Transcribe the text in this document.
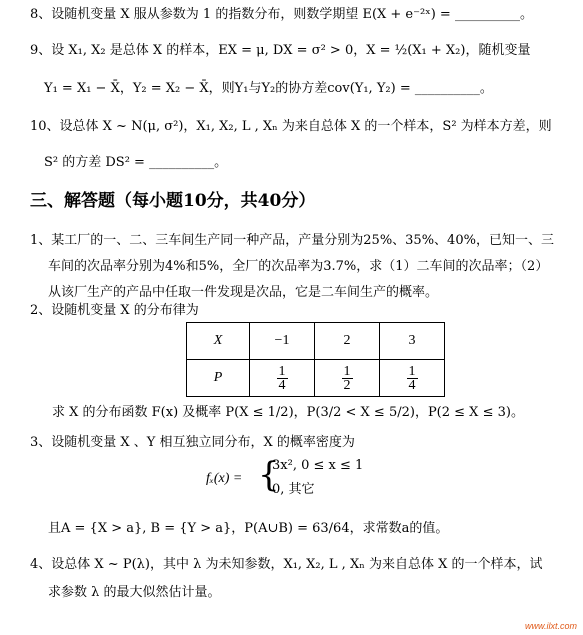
8、设随机变量 X 服从参数为 1 的指数分布，则数学期望 E(X + e⁻²ˣ) = __________。
9、设 X₁, X₂ 是总体 X 的样本，EX = μ, DX = σ² > 0，X = ½(X₁ + X₂)，随机变量
Y₁ = X₁ − X̄，Y₂ = X₂ − X̄，则Y₁与Y₂的协方差cov(Y₁, Y₂) = __________。
10、设总体 X ~ N(μ, σ²)，X₁, X₂, L , Xₙ 为来自总体 X 的一个样本，S² 为样本方差，则
S² 的方差 DS² = __________。
三、解答题（每小题10分，共40分）
1、某工厂的一、二、三车间生产同一种产品，产量分别为25%、35%、40%，已知一、三
车间的次品率分别为4%和5%，全厂的次品率为3.7%，求（1）二车间的次品率；（2）
从该厂生产的产品中任取一件发现是次品，它是二车间生产的概率。
2、设随机变量 X 的分布律为
X	−1	2	3
P	$\frac{1}{4}$	$\frac{1}{2}$	$\frac{1}{4}$
求 X 的分布函数 F(x) 及概率 P(X ≤ 1/2)，P(3/2 < X ≤ 5/2)，P(2 ≤ X ≤ 3)。
3、设随机变量 X 、Y 相互独立同分布，X 的概率密度为
fₓ(x) = {
3x², 0 ≤ x ≤ 1
0, 其它
且A = {X > a}, B = {Y > a}，P(A∪B) = 63/64，求常数a的值。
4、设总体 X ~ P(λ)，其中 λ 为未知参数，X₁, X₂, L , Xₙ 为来自总体 X 的一个样本，试
求参数 λ 的最大似然估计量。
www.ilxt.com
